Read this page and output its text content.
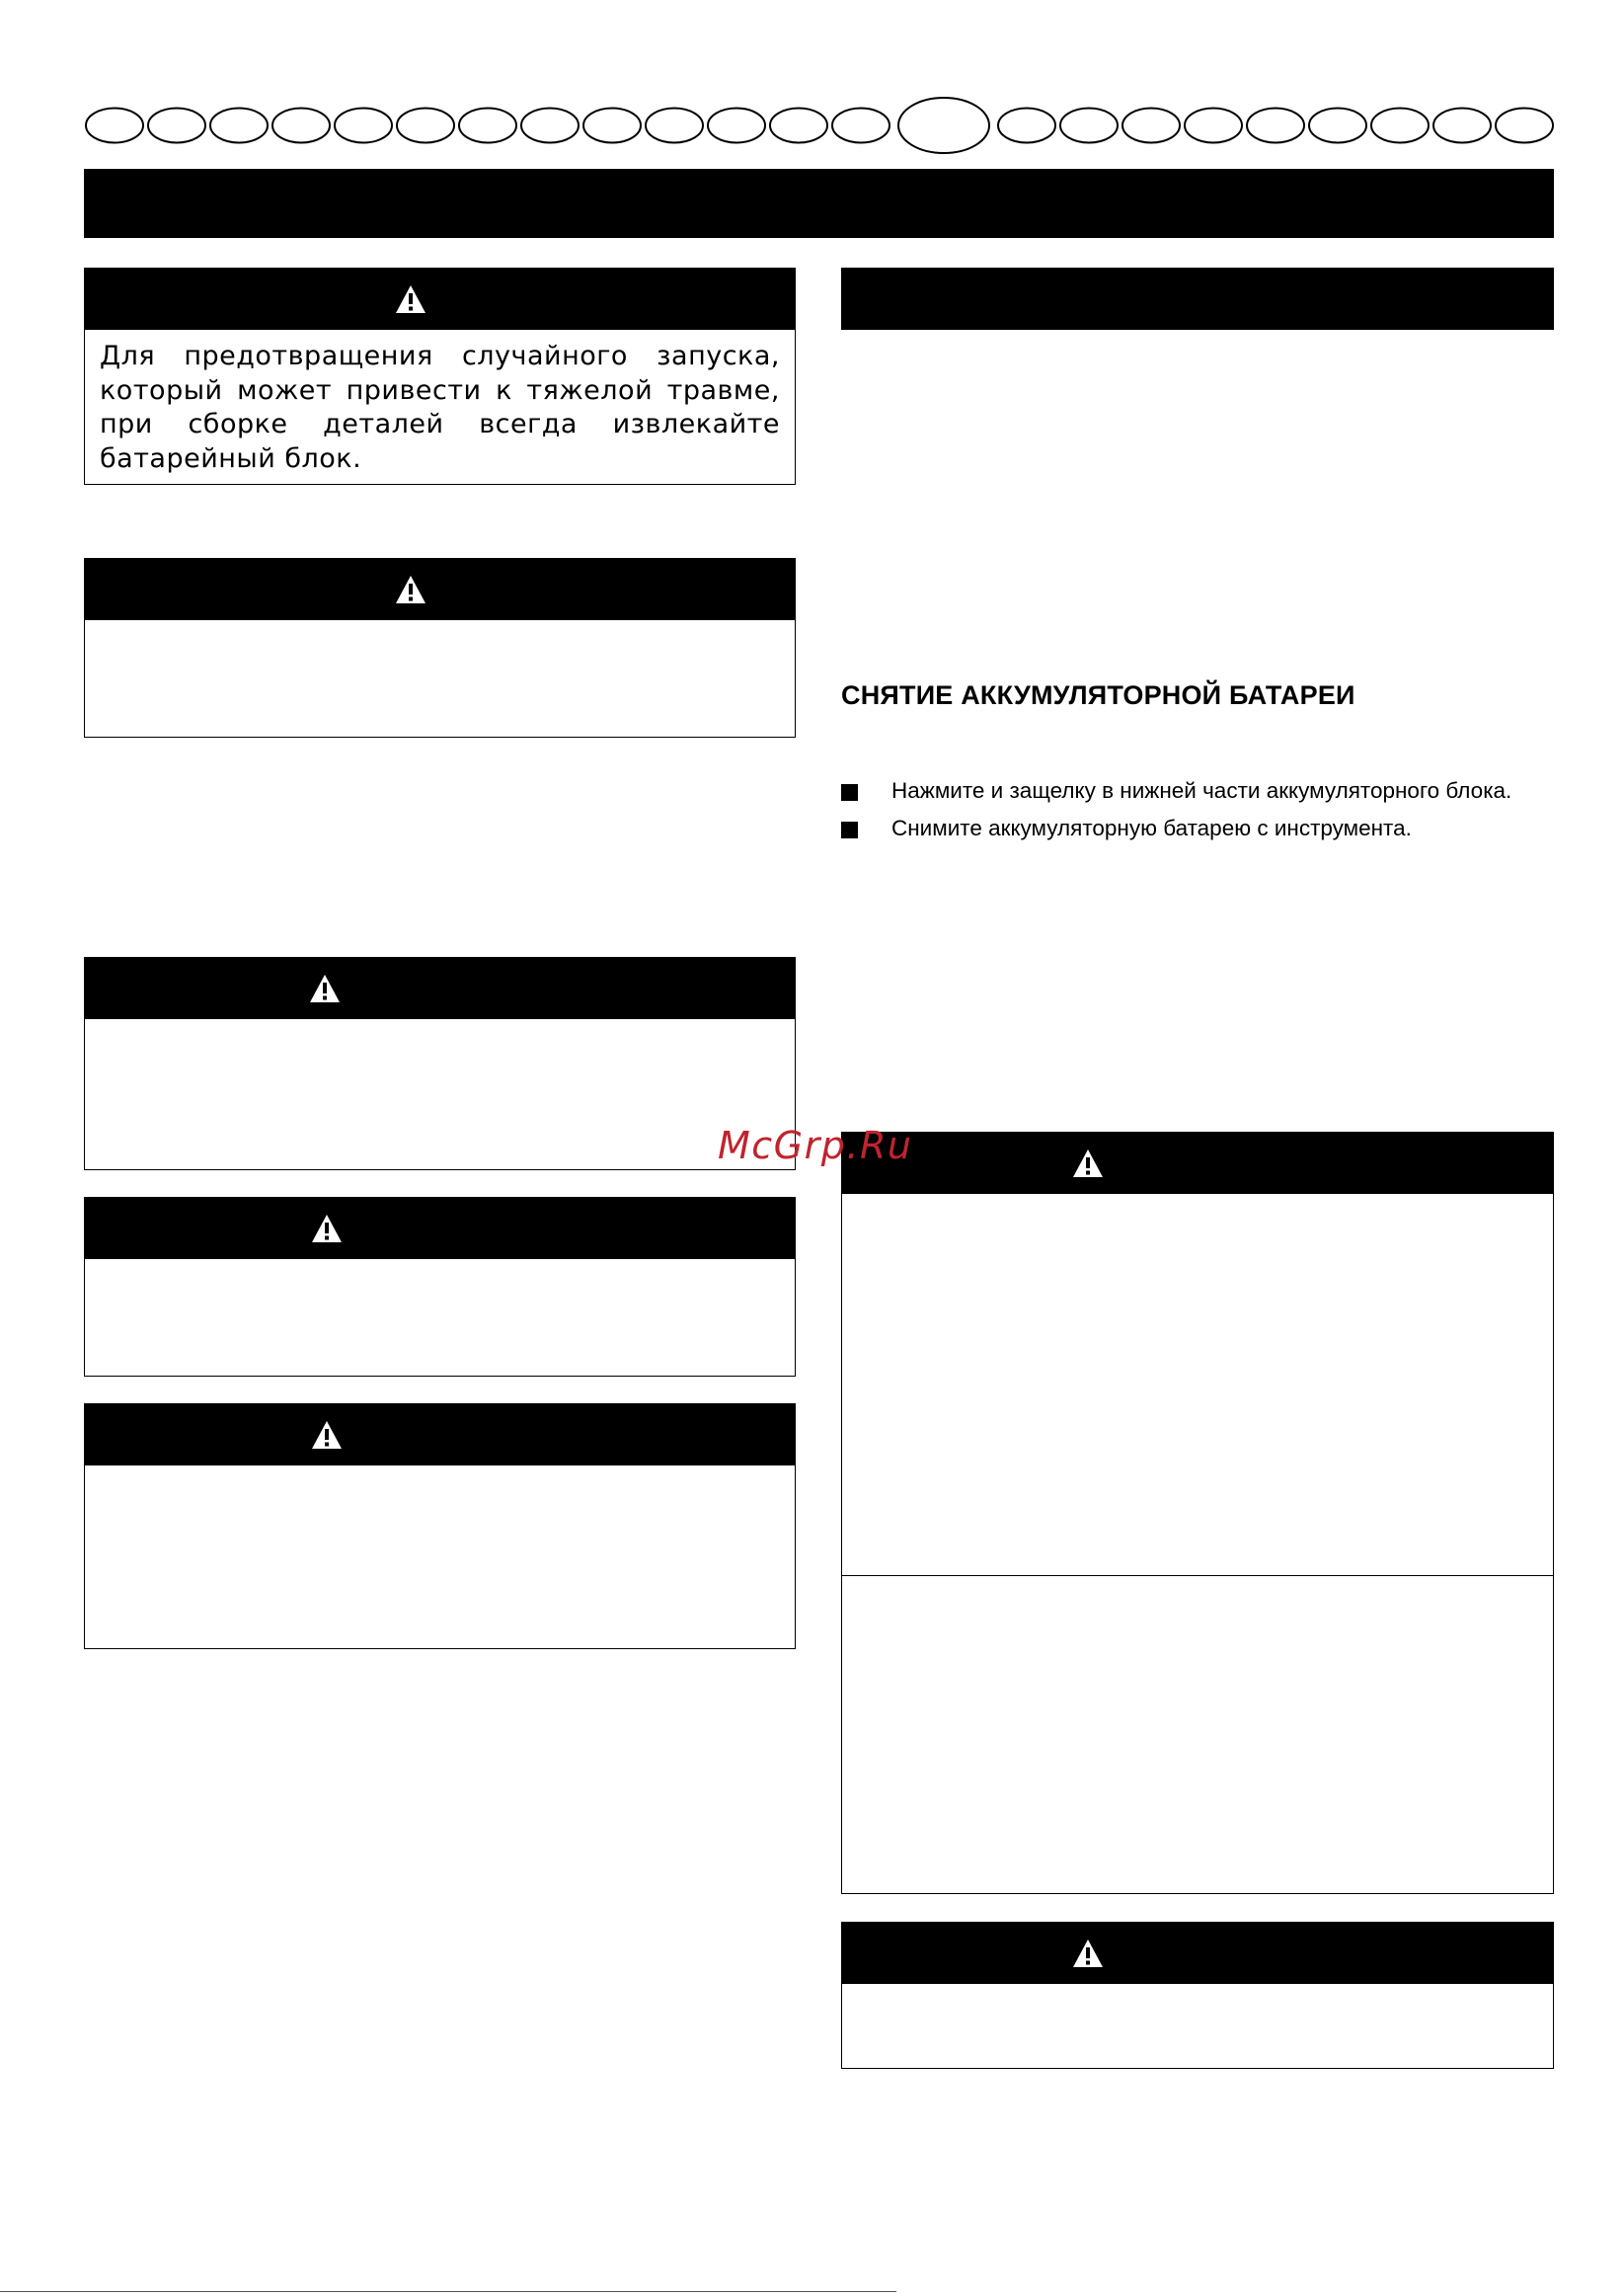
Для предотвращения случайного запуска, который может привести к тяжелой травме, при сборке деталей всегда извлекайте батарейный блок.
СНЯТИЕ АККУМУЛЯТОРНОЙ БАТАРЕИ
Нажмите и защелку в нижней части аккумуляторного блока.
Снимите аккумуляторную батарею с инструмента.
McGrp.Ru
